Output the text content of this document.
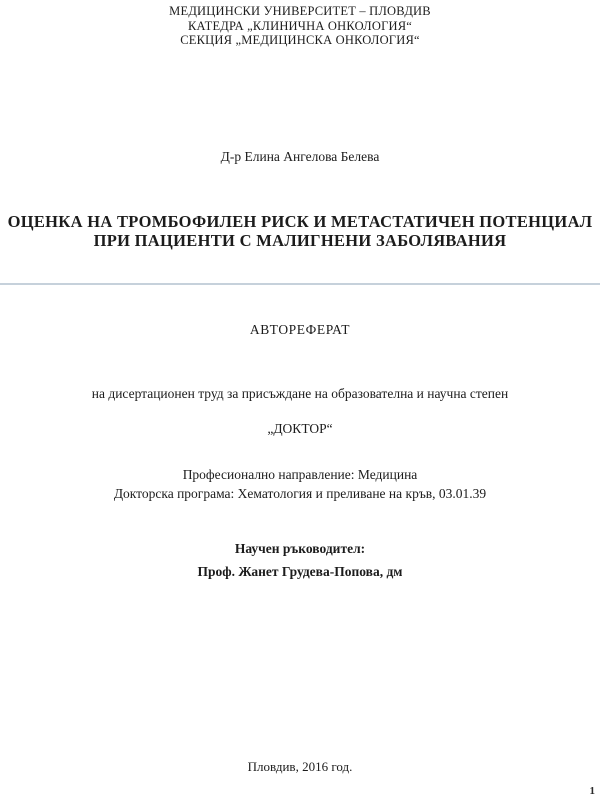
МЕДИЦИНСКИ УНИВЕРСИТЕТ – ПЛОВДИВ
КАТЕДРА „КЛИНИЧНА ОНКОЛОГИЯ“
СЕКЦИЯ „МЕДИЦИНСКА ОНКОЛОГИЯ“
Д-р Елина Ангелова Белева
ОЦЕНКА НА ТРОМБОФИЛЕН РИСК И МЕТАСТАТИЧЕН ПОТЕНЦИАЛ ПРИ ПАЦИЕНТИ С МАЛИГНЕНИ ЗАБОЛЯВАНИЯ
АВТОРЕФЕРАТ
на дисертационен труд за присъждане на образователна и научна степен
„ДОКТОР“
Професионално направление: Медицина
Докторска програма: Хематология и преливане на кръв, 03.01.39
Научен ръководител:
Проф. Жанет Грудева-Попова, дм
Пловдив, 2016 год.
1
